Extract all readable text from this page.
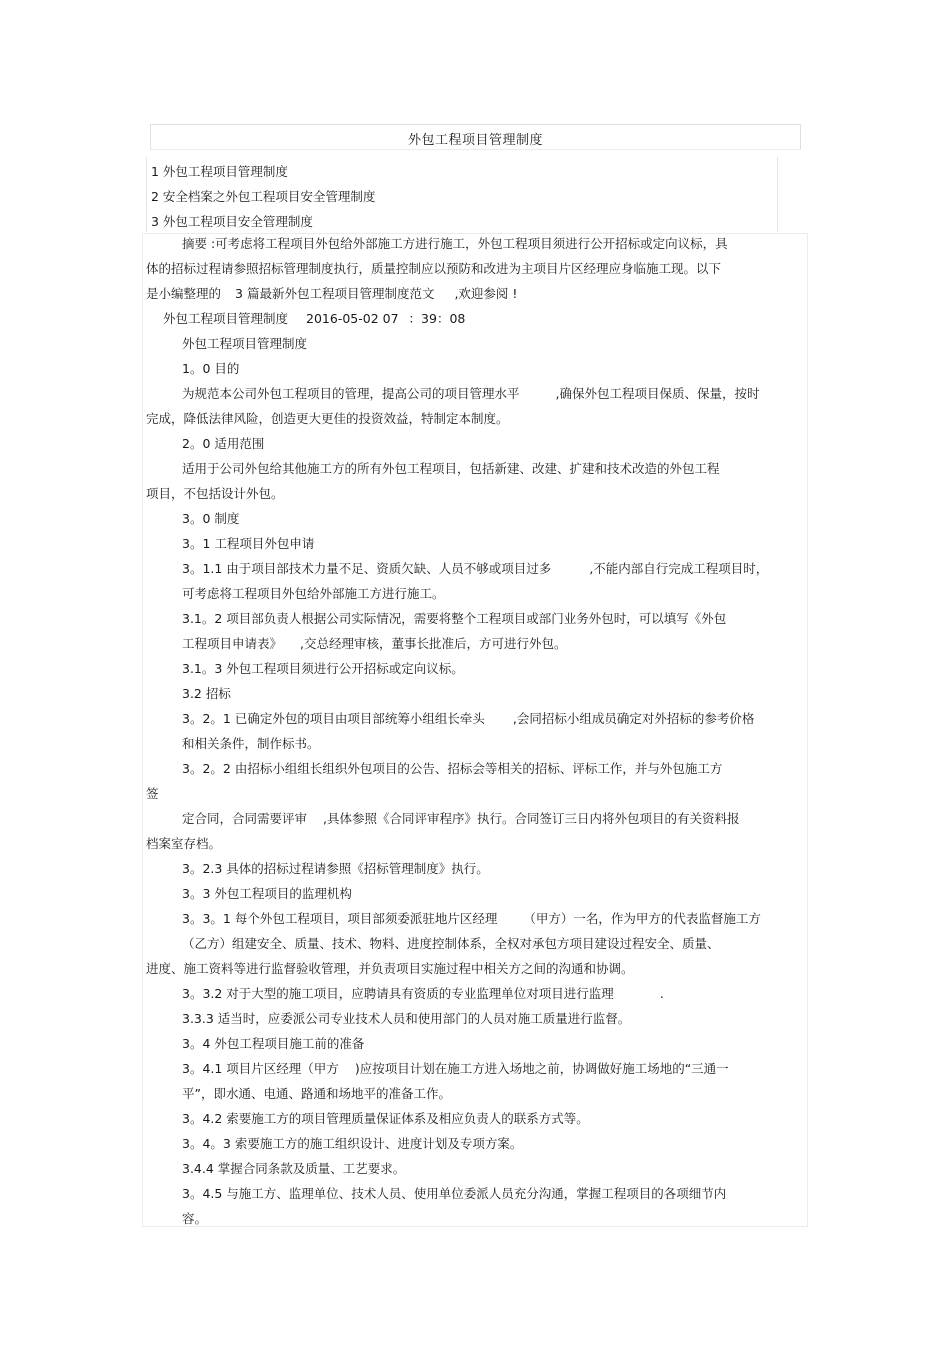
外包工程项目管理制度
1 外包工程项目管理制度
2 安全档案之外包工程项目安全管理制度
3 外包工程项目安全管理制度
摘要 :可考虑将工程项目外包给外部施工方进行施工，外包工程项目须进行公开招标或定向议标，具
体的招标过程请参照招标管理制度执行，质量控制应以预防和改进为主项目片区经理应身临施工现。以下
是小编整理的 3 篇最新外包工程项目管理制度范文 ,欢迎参阅 !
外包工程项目管理制度 2016-05-02 07 ：39：08
外包工程项目管理制度
1。0 目的
为规范本公司外包工程项目的管理，提高公司的项目管理水平	,确保外包工程项目保质、保量，按时
完成，降低法律风险，创造更大更佳的投资效益，特制定本制度。
2。0 适用范围
适用于公司外包给其他施工方的所有外包工程项目，包括新建、改建、扩建和技术改造的外包工程
项目，不包括设计外包。
3。0 制度
3。1 工程项目外包申请
3。1.1 由于项目部技术力量不足、资质欠缺、人员不够或项目过多	,不能内部自行完成工程项目时，
可考虑将工程项目外包给外部施工方进行施工。
3.1。2 项目部负责人根据公司实际情况，需要将整个工程项目或部门业务外包时，可以填写《外包
工程项目申请表》 ,交总经理审核，董事长批准后，方可进行外包。
3.1。3 外包工程项目须进行公开招标或定向议标。
3.2 招标
3。2。1 已确定外包的项目由项目部统筹小组组长牵头 ,会同招标小组成员确定对外招标的参考价格
和相关条件，制作标书。
3。2。2 由招标小组组长组织外包项目的公告、招标会等相关的招标、评标工作，并与外包施工方
签
定合同，合同需要评审 ,具体参照《合同评审程序》执行。合同签订三日内将外包项目的有关资料报
档案室存档。
3。2.3 具体的招标过程请参照《招标管理制度》执行。
3。3 外包工程项目的监理机构
3。3。1 每个外包工程项目，项目部须委派驻地片区经理 （甲方）一名，作为甲方的代表监督施工方
（乙方）组建安全、质量、技术、物料、进度控制体系，全权对承包方项目建设过程安全、质量、
进度、施工资料等进行监督验收管理，并负责项目实施过程中相关方之间的沟通和协调。
3。3.2 对于大型的施工项目，应聘请具有资质的专业监理单位对项目进行监理	.
3.3.3 适当时，应委派公司专业技术人员和使用部门的人员对施工质量进行监督。
3。4 外包工程项目施工前的准备
3。4.1 项目片区经理（甲方 )应按项目计划在施工方进入场地之前，协调做好施工场地的“三通一
平”，即水通、电通、路通和场地平的准备工作。
3。4.2 索要施工方的项目管理质量保证体系及相应负责人的联系方式等。
3。4。3 索要施工方的施工组织设计、进度计划及专项方案。
3.4.4 掌握合同条款及质量、工艺要求。
3。4.5 与施工方、监理单位、技术人员、使用单位委派人员充分沟通，掌握工程项目的各项细节内
容。
